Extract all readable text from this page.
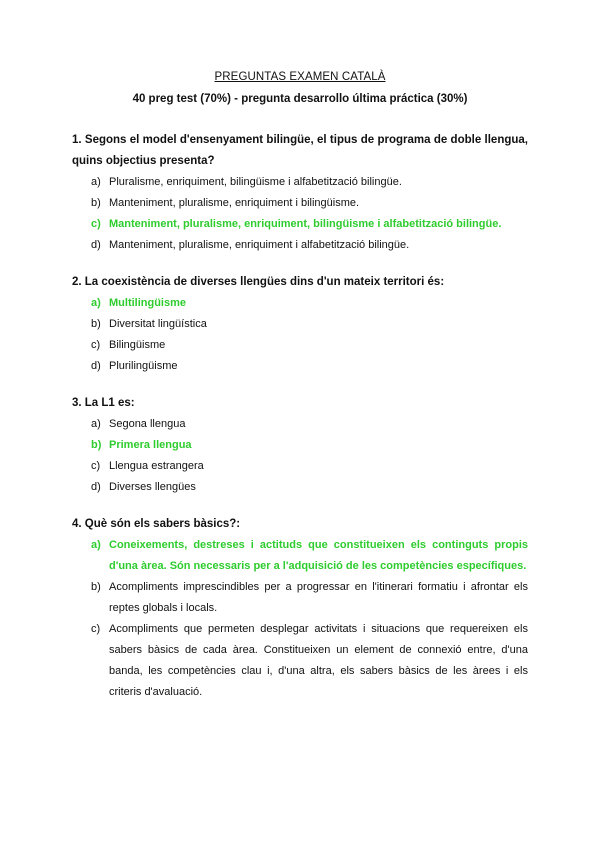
PREGUNTAS EXAMEN CATALÀ
40 preg test (70%) - pregunta desarrollo última práctica (30%)
1. Segons el model d'ensenyament bilingüe, el tipus de programa de doble llengua, quins objectius presenta?
a) Pluralisme, enriquiment, bilingüisme i alfabetització bilingüe.
b) Manteniment, pluralisme, enriquiment i bilingüisme.
c) Manteniment, pluralisme, enriquiment, bilingüisme i alfabetització bilingüe.
d) Manteniment, pluralisme, enriquiment i alfabetització bilingüe.
2. La coexistència de diverses llengües dins d'un mateix territori és:
a) Multilingüisme
b) Diversitat lingüística
c) Bilingüisme
d) Plurilingüisme
3. La L1 es:
a) Segona llengua
b) Primera llengua
c) Llengua estrangera
d) Diverses llengües
4. Què són els sabers bàsics?:
a) Coneixements, destreses i actituds que constitueixen els continguts propis d'una àrea. Són necessaris per a l'adquisició de les competències específiques.
b) Acompliments imprescindibles per a progressar en l'itinerari formatiu i afrontar els reptes globals i locals.
c) Acompliments que permeten desplegar activitats i situacions que requereixen els sabers bàsics de cada àrea. Constitueixen un element de connexió entre, d'una banda, les competències clau i, d'una altra, els sabers bàsics de les àrees i els criteris d'avaluació.
